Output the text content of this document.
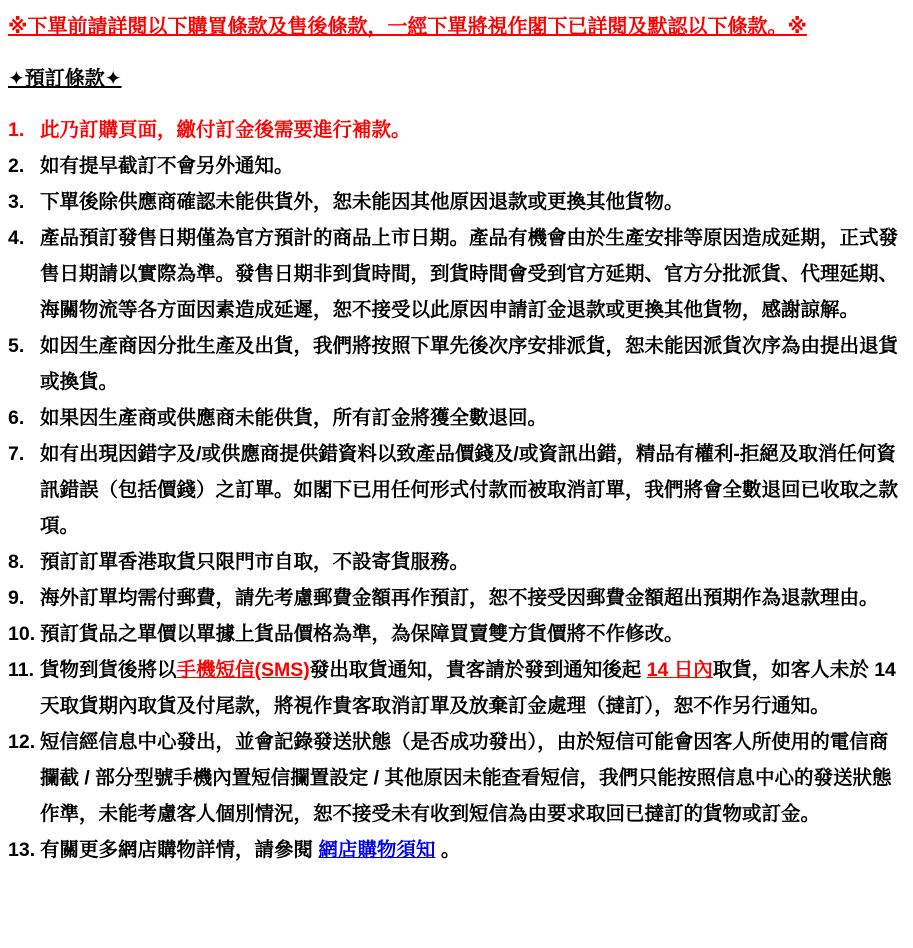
※下單前請詳閱以下購買條款及售後條款，一經下單將視作閣下已詳閱及默認以下條款。※

✦預訂條款✦

1. 此乃訂購頁面，繳付訂金後需要進行補款。
2. 如有提早截訂不會另外通知。
3. 下單後除供應商確認未能供貨外，恕未能因其他原因退款或更換其他貨物。
4. 產品預訂發售日期僅為官方預計的商品上市日期。產品有機會由於生產安排等原因造成延期，正式發售日期請以實際為準。發售日期非到貨時間，到貨時間會受到官方延期、官方分批派貨、代理延期、海關物流等各方面因素造成延遲，恕不接受以此原因申請訂金退款或更換其他貨物，感謝諒解。
5. 如因生產商因分批生產及出貨，我們將按照下單先後次序安排派貨，恕未能因派貨次序為由提出退貨或換貨。
6. 如果因生產商或供應商未能供貨，所有訂金將獲全數退回。
7. 如有出現因錯字及/或供應商提供錯資料以致產品價錢及/或資訊出錯，精品有權利-拒絕及取消任何資訊錯誤（包括價錢）之訂單。如閣下已用任何形式付款而被取消訂單，我們將會全數退回已收取之款項。
8. 預訂訂單香港取貨只限門市自取，不設寄貨服務。
9. 海外訂單均需付郵費，請先考慮郵費金額再作預訂，恕不接受因郵費金額超出預期作為退款理由。
10. 預訂貨品之單價以單據上貨品價格為準，為保障買賣雙方貨價將不作修改。
11. 貨物到貨後將以手機短信(SMS)發出取貨通知，貴客請於發到通知後起 14 日內取貨，如客人未於 14 天取貨期內取貨及付尾款，將視作貴客取消訂單及放棄訂金處理（撻訂），恕不作另行通知。
12. 短信經信息中心發出，並會記錄發送狀態（是否成功發出），由於短信可能會因客人所使用的電信商攔截 / 部分型號手機內置短信攔置設定 / 其他原因未能查看短信，我們只能按照信息中心的發送狀態作準，未能考慮客人個別情況，恕不接受未有收到短信為由要求取回已撻訂的貨物或訂金。
13. 有關更多網店購物詳情，請參閱 網店購物須知 。
